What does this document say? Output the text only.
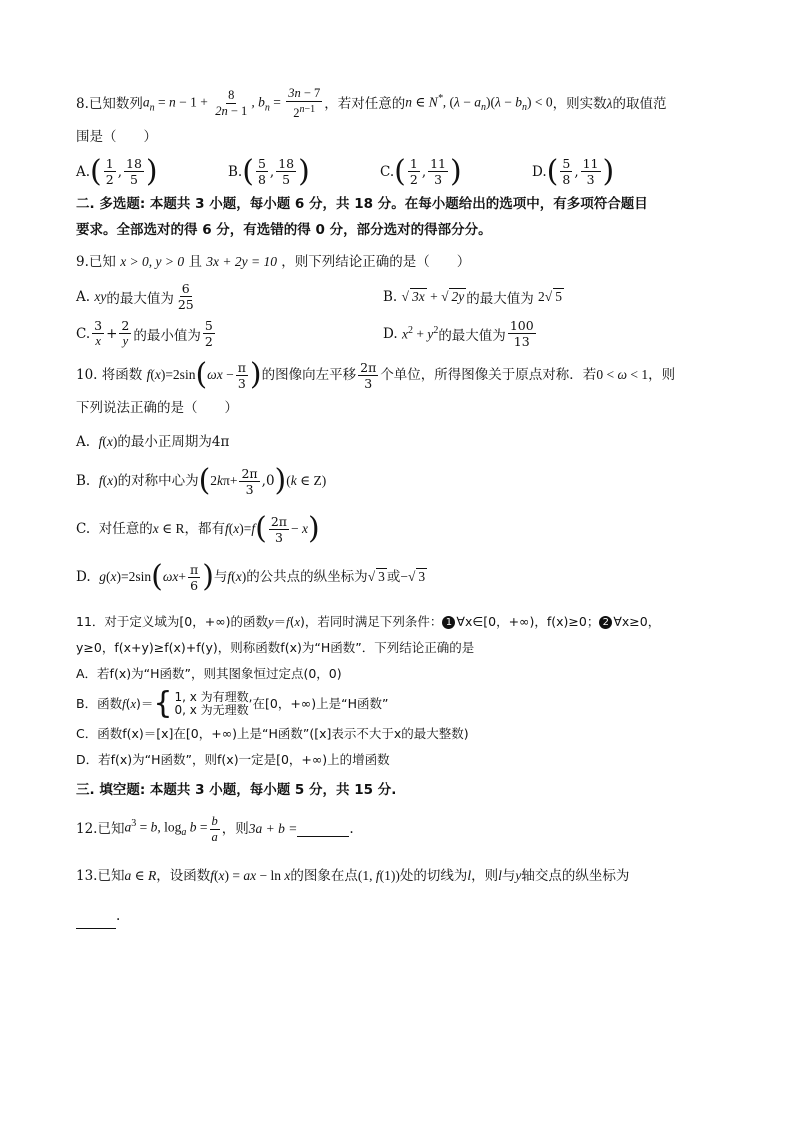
8.已知数列 $a_n = n - 1 + \frac{8}{2n - 1}$ , $b_n = \frac{3n - 7}{2^{n-1}}$ ，若对任意的 n ∈ N*, $(\lambda - a_n)(\lambda - b_n) < 0$ ，则实数 λ 的取值范
围是（　　）
A. ( $\frac{1}{2}$ , $\frac{18}{5}$ )	B. ( $\frac{5}{8}$ , $\frac{18}{5}$ )	C. ( $\frac{1}{2}$ , $\frac{11}{3}$ )	D. ( $\frac{5}{8}$ , $\frac{11}{3}$ )
二. 多选题: 本题共 3 小题，每小题 6 分，共 18 分。在每小题给出的选项中，有多项符合题目
要求。全部选对的得 6 分，有选错的得 0 分，部分选对的得部分分。
9.已知 x > 0, y > 0 且 3x + 2y = 10 ，则下列结论正确的是（　　）
A.
xy 的最大值为 $\frac{6}{25}$	B.
√ 3x + √ 2y 的最大值为
2√ 5
C. $\frac{3}{x} + \frac{2}{y}$ 的最小值为 $\frac{5}{2}$	D.
$x^2 + y^2$ 的最大值为 $\frac{100}{13}$
10. 将函数
f(x)=2sin ( $\omega x - \frac{\pi}{3}$ ) 的图像向左平移 $\frac{2\pi}{3}$ 个单位，所得图像关于原点对称．若 0 < ω < 1 ，则
下列说法正确的是（　　）
A. f(x)的最小正周期为4π
B.
f(x) 的对称中心为 ( $2k\pi+ \frac{2\pi}{3} ,0$ ) (k ∈ Z)
C.
对任意的 x ∈ R ，都有 f(x)=f ( $\frac{2\pi}{3} - x$ )
D.
g(x)=2sin ( $\omega x+ \frac{\pi}{6}$ ) 与 f(x) 的公共点的纵坐标为 √ 3 或 −√ 3
11．对于定义域为[0，+∞)的函数y＝f(x)，若同时满足下列条件： 1 ∀x∈[0，+∞)，f(x)≥0； 2 ∀x≥0，
y≥0，f(x+y)≥f(x)+f(y)，则称函数f(x)为“H函数”．下列结论正确的是
A．若f(x)为“H函数”，则其图象恒过定点(0，0)
B．函数 f ( x )＝ { 1, x 为有理数,
0, x 为无理数 在[0，+∞)上是“H函数”
C．函数f(x)＝[x]在[0，+∞)上是“H函数”([x]表示不大于x的最大整数)
D．若f(x)为“H函数”，则f(x)一定是[0，+∞)上的增函数
三. 填空题: 本题共 3 小题，每小题 5 分，共 15 分.
12.已知 $a^3 = b$, $\log_a b = \frac{b}{a}$ ，则 3a + b =	.
13.已知a ∈ R，设函数f(x) = ax − ln x的图象在点(1, f(1))处的切线为l，则l与y轴交点的纵坐标为
.
